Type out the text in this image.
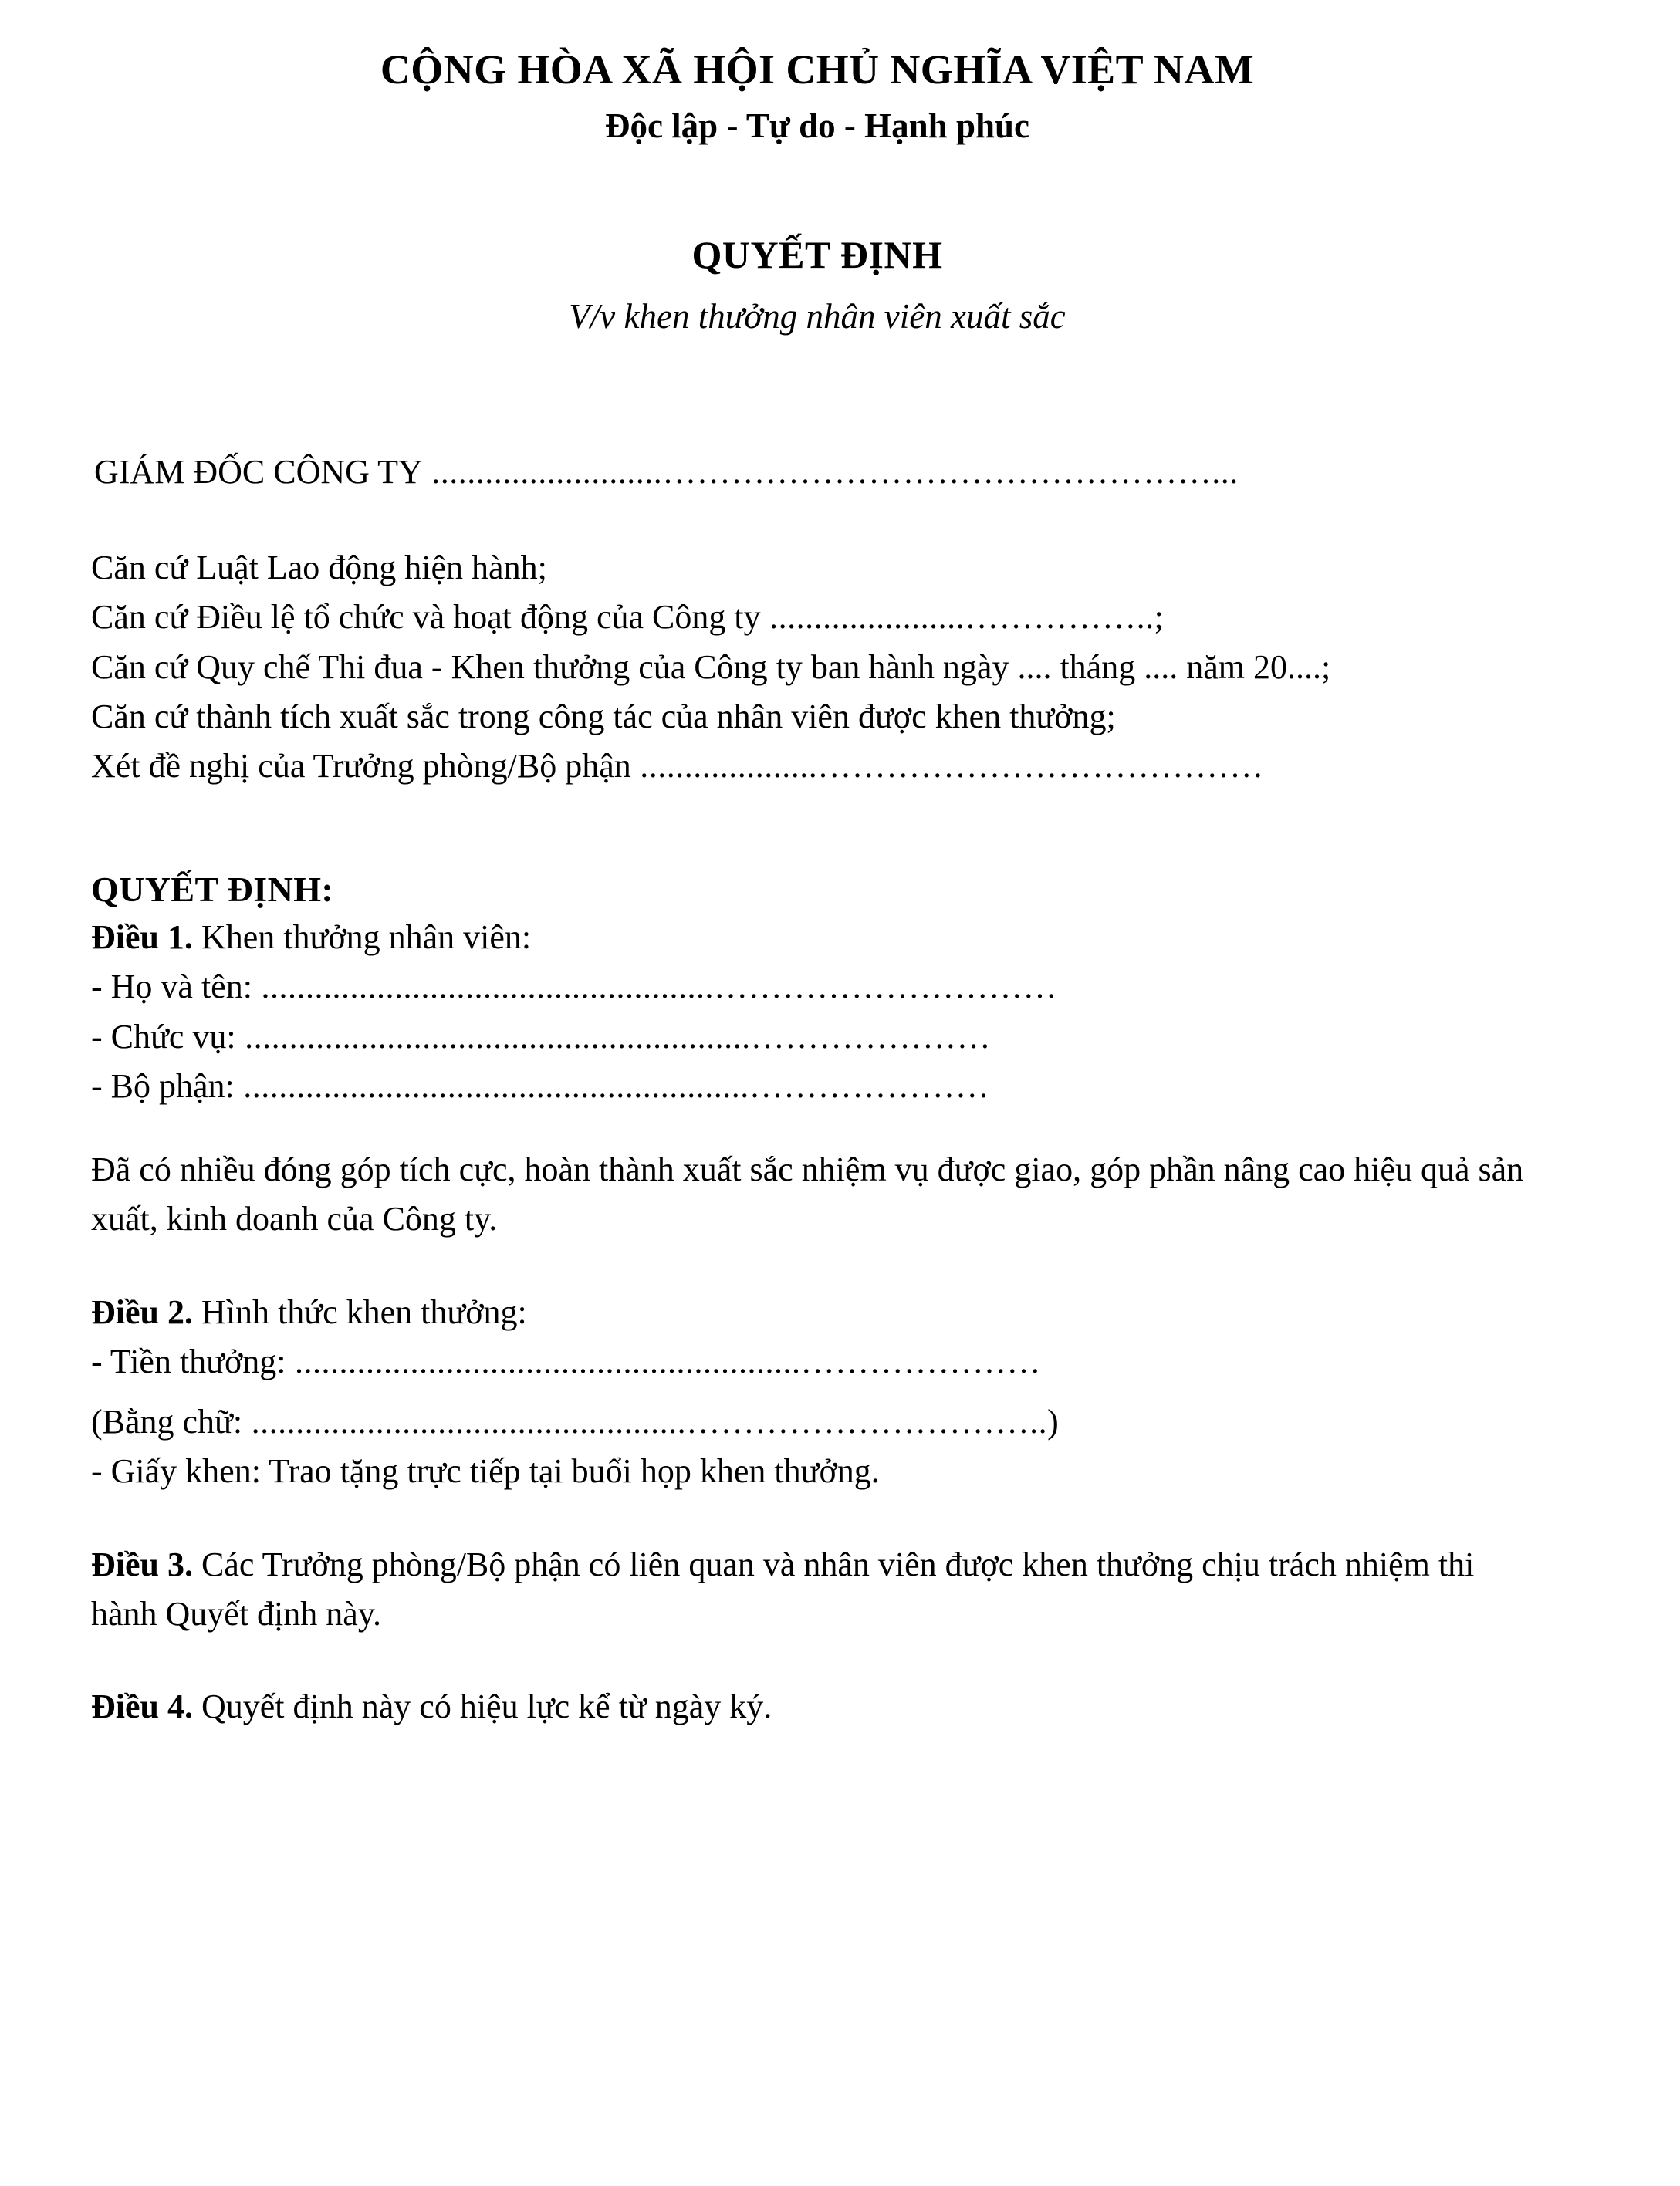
CỘNG HÒA XÃ HỘI CHỦ NGHĨA VIỆT NAM
Độc lập - Tự do - Hạnh phúc
QUYẾT ĐỊNH
V/v khen thưởng nhân viên xuất sắc
GIÁM ĐỐC CÔNG TY ..........................…………………………………………...

Căn cứ Luật Lao động hiện hành;

Căn cứ Điều lệ tổ chức và hoạt động của Công ty ......................……………..;

Căn cứ Quy chế Thi đua - Khen thưởng của Công ty ban hành ngày .... tháng .... năm 20....;

Căn cứ thành tích xuất sắc trong công tác của nhân viên được khen thưởng;

Xét đề nghị của Trưởng phòng/Bộ phận ....................…………………………………

QUYẾT ĐỊNH:

Điều 1. Khen thưởng nhân viên:

- Họ và tên: ...................................................…………………………

- Chức vụ: .........................................................…………………

- Bộ phận: .........................................................…………………

Đã có nhiều đóng góp tích cực, hoàn thành xuất sắc nhiệm vụ được giao, góp phần nâng cao hiệu quả sản xuất, kinh doanh của Công ty.

Điều 2. Hình thức khen thưởng:

- Tiền thưởng: .........................................................…………………

(Bằng chữ: .................................................…………………………..)

- Giấy khen: Trao tặng trực tiếp tại buổi họp khen thưởng.

Điều 3. Các Trưởng phòng/Bộ phận có liên quan và nhân viên được khen thưởng chịu trách nhiệm thi hành Quyết định này.

Điều 4. Quyết định này có hiệu lực kể từ ngày ký.
